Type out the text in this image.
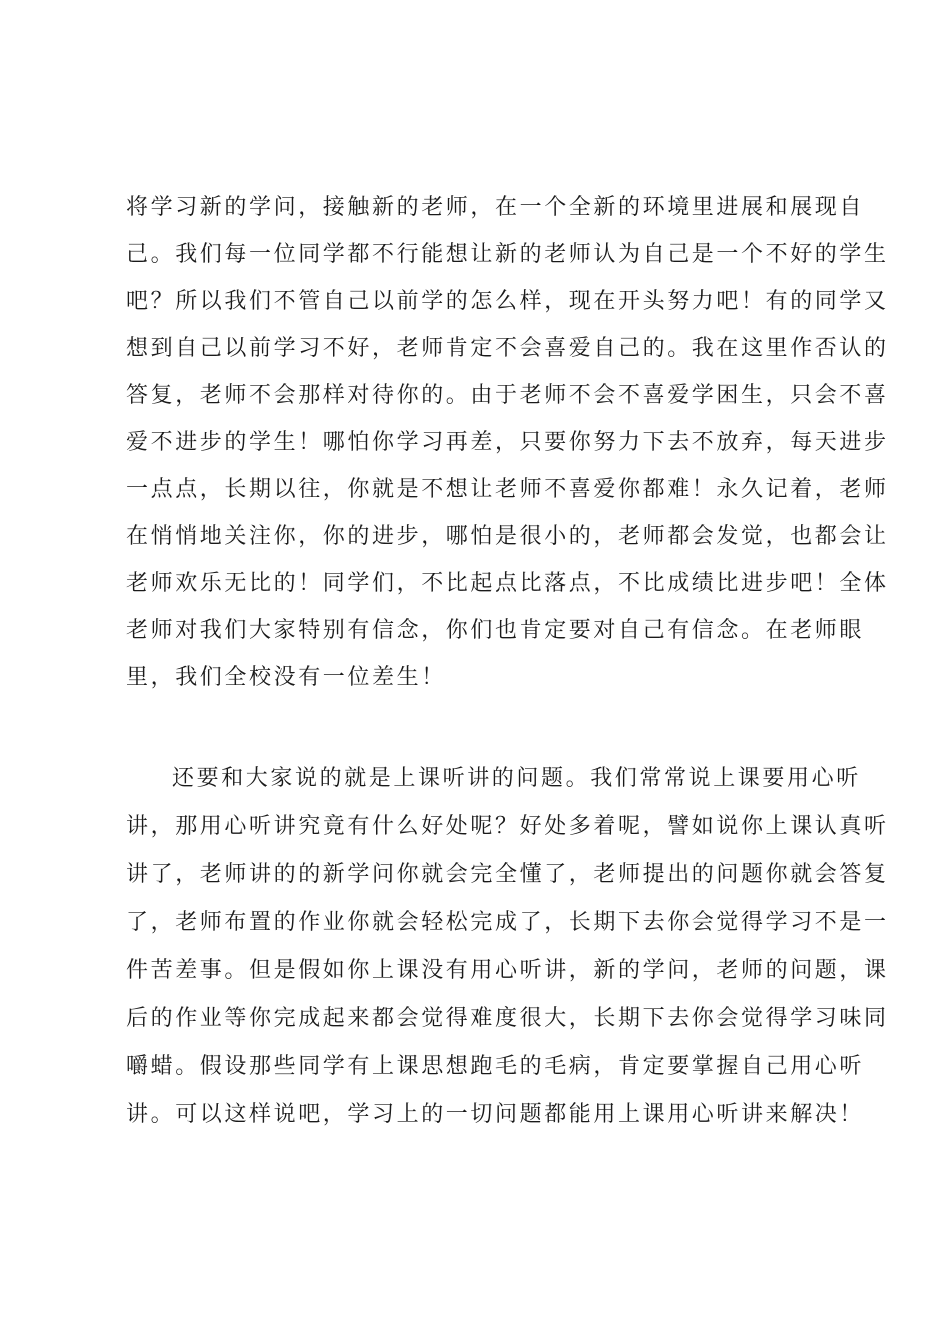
将学习新的学问，接触新的老师，在一个全新的环境里进展和展现自
己。我们每一位同学都不行能想让新的老师认为自己是一个不好的学生
吧？所以我们不管自己以前学的怎么样，现在开头努力吧！有的同学又
想到自己以前学习不好，老师肯定不会喜爱自己的。我在这里作否认的
答复，老师不会那样对待你的。由于老师不会不喜爱学困生，只会不喜
爱不进步的学生！哪怕你学习再差，只要你努力下去不放弃，每天进步
一点点，长期以往，你就是不想让老师不喜爱你都难！永久记着，老师
在悄悄地关注你，你的进步，哪怕是很小的，老师都会发觉，也都会让
老师欢乐无比的！同学们，不比起点比落点，不比成绩比进步吧！全体
老师对我们大家特别有信念，你们也肯定要对自己有信念。在老师眼
里，我们全校没有一位差生！
还要和大家说的就是上课听讲的问题。我们常常说上课要用心听
讲，那用心听讲究竟有什么好处呢？好处多着呢，譬如说你上课认真听
讲了，老师讲的的新学问你就会完全懂了，老师提出的问题你就会答复
了，老师布置的作业你就会轻松完成了，长期下去你会觉得学习不是一
件苦差事。但是假如你上课没有用心听讲，新的学问，老师的问题，课
后的作业等你完成起来都会觉得难度很大，长期下去你会觉得学习味同
嚼蜡。假设那些同学有上课思想跑毛的毛病，肯定要掌握自己用心听
讲。可以这样说吧，学习上的一切问题都能用上课用心听讲来解决！
